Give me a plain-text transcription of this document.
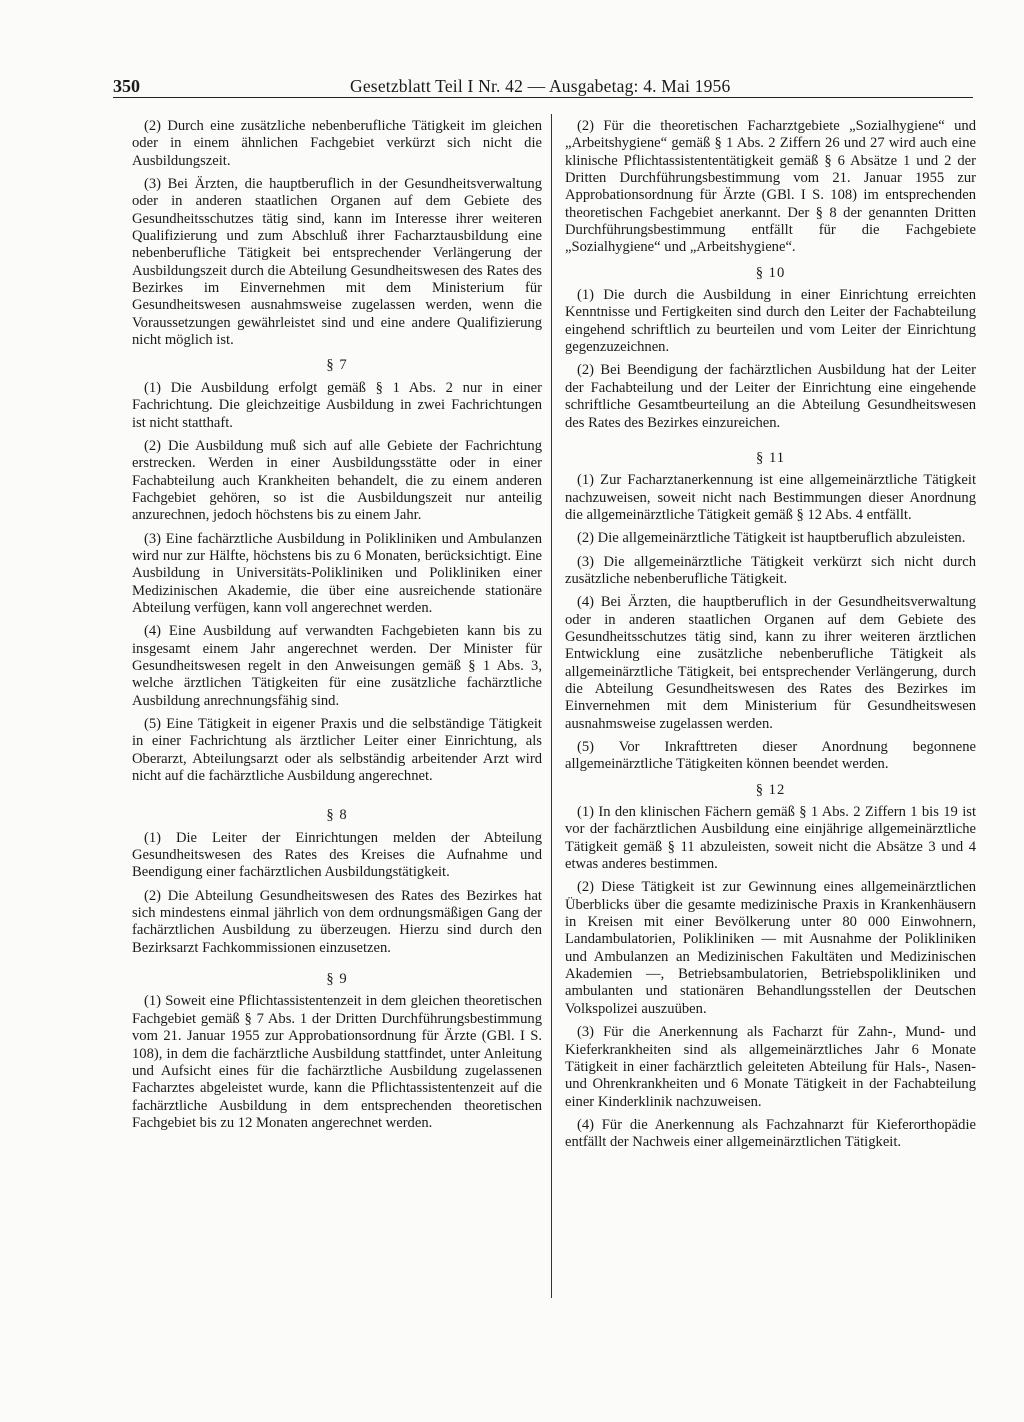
350	Gesetzblatt Teil I Nr. 42 — Ausgabetag: 4. Mai 1956

(2) Durch eine zusätzliche nebenberufliche Tätigkeit im gleichen oder in einem ähnlichen Fachgebiet verkürzt sich nicht die Ausbildungszeit.

(3) Bei Ärzten, die hauptberuflich in der Gesundheitsverwaltung oder in anderen staatlichen Organen auf dem Gebiete des Gesundheitsschutzes tätig sind, kann im Interesse ihrer weiteren Qualifizierung und zum Abschluß ihrer Facharztausbildung eine nebenberufliche Tätigkeit bei entsprechender Verlängerung der Ausbildungszeit durch die Abteilung Gesundheitswesen des Rates des Bezirkes im Einvernehmen mit dem Ministerium für Gesundheitswesen ausnahmsweise zugelassen werden, wenn die Voraussetzungen gewährleistet sind und eine andere Qualifizierung nicht möglich ist.

§ 7

(1) Die Ausbildung erfolgt gemäß § 1 Abs. 2 nur in einer Fachrichtung. Die gleichzeitige Ausbildung in zwei Fachrichtungen ist nicht statthaft.

(2) Die Ausbildung muß sich auf alle Gebiete der Fachrichtung erstrecken. Werden in einer Ausbildungsstätte oder in einer Fachabteilung auch Krankheiten behandelt, die zu einem anderen Fachgebiet gehören, so ist die Ausbildungszeit nur anteilig anzurechnen, jedoch höchstens bis zu einem Jahr.

(3) Eine fachärztliche Ausbildung in Polikliniken und Ambulanzen wird nur zur Hälfte, höchstens bis zu 6 Monaten, berücksichtigt. Eine Ausbildung in Universitäts-Polikliniken und Polikliniken einer Medizinischen Akademie, die über eine ausreichende stationäre Abteilung verfügen, kann voll angerechnet werden.

(4) Eine Ausbildung auf verwandten Fachgebieten kann bis zu insgesamt einem Jahr angerechnet werden. Der Minister für Gesundheitswesen regelt in den Anweisungen gemäß § 1 Abs. 3, welche ärztlichen Tätigkeiten für eine zusätzliche fachärztliche Ausbildung anrechnungsfähig sind.

(5) Eine Tätigkeit in eigener Praxis und die selbständige Tätigkeit in einer Fachrichtung als ärztlicher Leiter einer Einrichtung, als Oberarzt, Abteilungsarzt oder als selbständig arbeitender Arzt wird nicht auf die fachärztliche Ausbildung angerechnet.

§ 8

(1) Die Leiter der Einrichtungen melden der Abteilung Gesundheitswesen des Rates des Kreises die Aufnahme und Beendigung einer fachärztlichen Ausbildungstätigkeit.

(2) Die Abteilung Gesundheitswesen des Rates des Bezirkes hat sich mindestens einmal jährlich von dem ordnungsmäßigen Gang der fachärztlichen Ausbildung zu überzeugen. Hierzu sind durch den Bezirksarzt Fachkommissionen einzusetzen.

§ 9

(1) Soweit eine Pflichtassistentenzeit in dem gleichen theoretischen Fachgebiet gemäß § 7 Abs. 1 der Dritten Durchführungsbestimmung vom 21. Januar 1955 zur Approbationsordnung für Ärzte (GBl. I S. 108), in dem die fachärztliche Ausbildung stattfindet, unter Anleitung und Aufsicht eines für die fachärztliche Ausbildung zugelassenen Facharztes abgeleistet wurde, kann die Pflichtassistentenzeit auf die fachärztliche Ausbildung in dem entsprechenden theoretischen Fachgebiet bis zu 12 Monaten angerechnet werden.

(2) Für die theoretischen Facharztgebiete „Sozialhygiene“ und „Arbeitshygiene“ gemäß § 1 Abs. 2 Ziffern 26 und 27 wird auch eine klinische Pflichtassistententätigkeit gemäß § 6 Absätze 1 und 2 der Dritten Durchführungsbestimmung vom 21. Januar 1955 zur Approbationsordnung für Ärzte (GBl. I S. 108) im entsprechenden theoretischen Fachgebiet anerkannt. Der § 8 der genannten Dritten Durchführungsbestimmung entfällt für die Fachgebiete „Sozialhygiene“ und „Arbeitshygiene“.

§ 10

(1) Die durch die Ausbildung in einer Einrichtung erreichten Kenntnisse und Fertigkeiten sind durch den Leiter der Fachabteilung eingehend schriftlich zu beurteilen und vom Leiter der Einrichtung gegenzuzeichnen.

(2) Bei Beendigung der fachärztlichen Ausbildung hat der Leiter der Fachabteilung und der Leiter der Einrichtung eine eingehende schriftliche Gesamtbeurteilung an die Abteilung Gesundheitswesen des Rates des Bezirkes einzureichen.

§ 11

(1) Zur Facharztanerkennung ist eine allgemeinärztliche Tätigkeit nachzuweisen, soweit nicht nach Bestimmungen dieser Anordnung die allgemeinärztliche Tätigkeit gemäß § 12 Abs. 4 entfällt.

(2) Die allgemeinärztliche Tätigkeit ist hauptberuflich abzuleisten.

(3) Die allgemeinärztliche Tätigkeit verkürzt sich nicht durch zusätzliche nebenberufliche Tätigkeit.

(4) Bei Ärzten, die hauptberuflich in der Gesundheitsverwaltung oder in anderen staatlichen Organen auf dem Gebiete des Gesundheitsschutzes tätig sind, kann zu ihrer weiteren ärztlichen Entwicklung eine zusätzliche nebenberufliche Tätigkeit als allgemeinärztliche Tätigkeit, bei entsprechender Verlängerung, durch die Abteilung Gesundheitswesen des Rates des Bezirkes im Einvernehmen mit dem Ministerium für Gesundheitswesen ausnahmsweise zugelassen werden.

(5) Vor Inkrafttreten dieser Anordnung begonnene allgemeinärztliche Tätigkeiten können beendet werden.

§ 12

(1) In den klinischen Fächern gemäß § 1 Abs. 2 Ziffern 1 bis 19 ist vor der fachärztlichen Ausbildung eine einjährige allgemeinärztliche Tätigkeit gemäß § 11 abzuleisten, soweit nicht die Absätze 3 und 4 etwas anderes bestimmen.

(2) Diese Tätigkeit ist zur Gewinnung eines allgemeinärztlichen Überblicks über die gesamte medizinische Praxis in Krankenhäusern in Kreisen mit einer Bevölkerung unter 80 000 Einwohnern, Landambulatorien, Polikliniken — mit Ausnahme der Polikliniken und Ambulanzen an Medizinischen Fakultäten und Medizinischen Akademien —, Betriebsambulatorien, Betriebspolikliniken und ambulanten und stationären Behandlungsstellen der Deutschen Volkspolizei auszuüben.

(3) Für die Anerkennung als Facharzt für Zahn-, Mund- und Kieferkrankheiten sind als allgemeinärztliches Jahr 6 Monate Tätigkeit in einer fachärztlich geleiteten Abteilung für Hals-, Nasen- und Ohrenkrankheiten und 6 Monate Tätigkeit in der Fachabteilung einer Kinderklinik nachzuweisen.

(4) Für die Anerkennung als Fachzahnarzt für Kieferorthopädie entfällt der Nachweis einer allgemeinärztlichen Tätigkeit.
